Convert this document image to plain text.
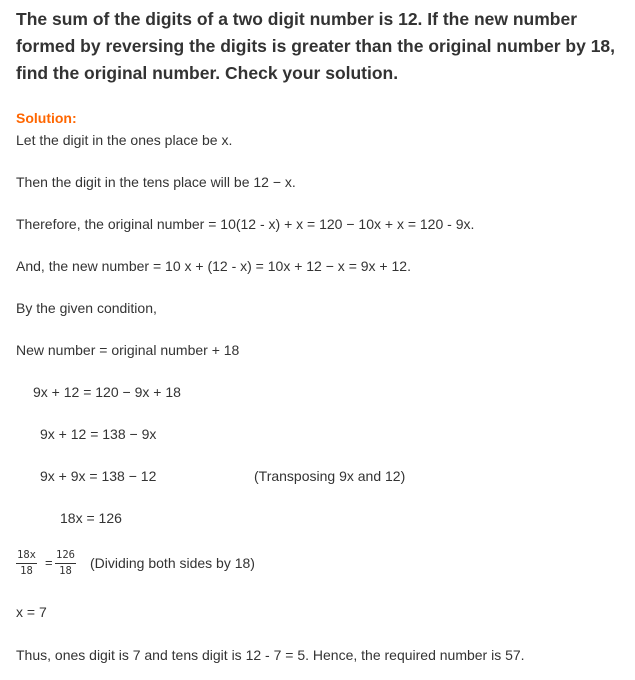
The sum of the digits of a two digit number is 12. If the new number formed by reversing the digits is greater than the original number by 18, find the original number. Check your solution.
Solution:
Let the digit in the ones place be x.
Then the digit in the tens place will be 12 − x.
Therefore, the original number = 10(12 - x) + x = 120 − 10x + x = 120 - 9x.
And, the new number = 10 x + (12 - x) = 10x + 12 − x = 9x + 12.
By the given condition,
New number = original number + 18
9x + 12 = 120 − 9x + 18
9x + 12 = 138 − 9x
9x + 9x = 138 − 12	(Transposing 9x and 12)
18x = 126
$\frac{18x}{18} = \frac{126}{18}$ (Dividing both sides by 18)
x = 7
Thus, ones digit is 7 and tens digit is 12 - 7 = 5. Hence, the required number is 57.
